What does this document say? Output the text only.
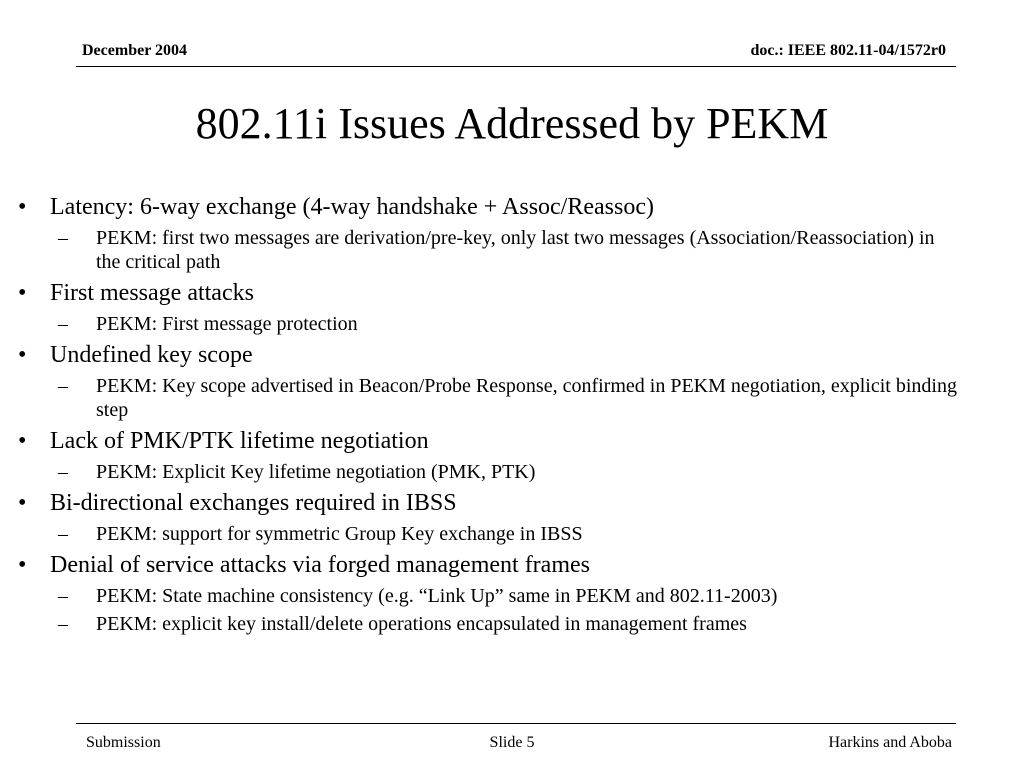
December 2004	doc.: IEEE 802.11-04/1572r0
802.11i Issues Addressed by PEKM
• Latency: 6-way exchange (4-way handshake + Assoc/Reassoc)
– PEKM: first two messages are derivation/pre-key, only last two messages (Association/Reassociation) in the critical path
• First message attacks
– PEKM: First message protection
• Undefined key scope
– PEKM: Key scope advertised in Beacon/Probe Response, confirmed in PEKM negotiation, explicit binding step
• Lack of PMK/PTK lifetime negotiation
– PEKM: Explicit Key lifetime negotiation (PMK, PTK)
• Bi-directional exchanges required in IBSS
– PEKM: support for symmetric Group Key exchange in IBSS
• Denial of service attacks via forged management frames
– PEKM: State machine consistency (e.g. “Link Up” same in PEKM and 802.11-2003)
– PEKM: explicit key install/delete operations encapsulated in management frames
Submission	Slide 5	Harkins and Aboba
